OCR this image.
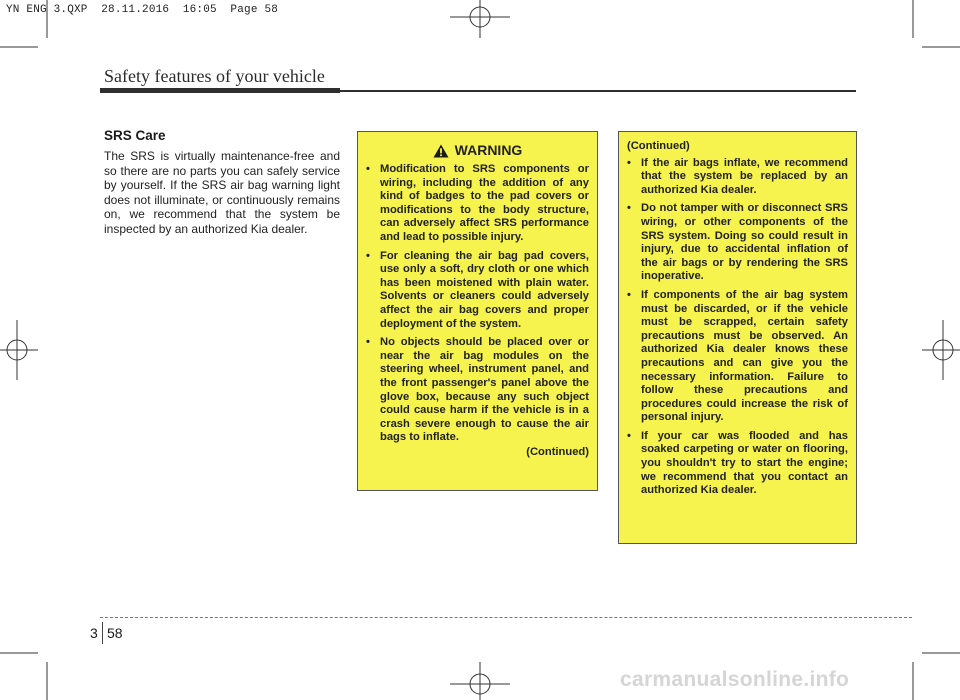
YN ENG 3.QXP  28.11.2016  16:05  Page 58
Safety features of your vehicle
SRS Care
The SRS is virtually maintenance-free and so there are no parts you can safely service by yourself. If the SRS air bag warning light does not illuminate, or continuously remains on, we recommend that the system be inspected by an authorized Kia dealer.
WARNING
• Modification to SRS components or wiring, including the addition of any kind of badges to the pad covers or modifications to the body structure, can adversely affect SRS performance and lead to possible injury.
• For cleaning the air bag pad covers, use only a soft, dry cloth or one which has been moistened with plain water. Solvents or cleaners could adversely affect the air bag covers and proper deployment of the system.
• No objects should be placed over or near the air bag modules on the steering wheel, instrument panel, and the front passenger's panel above the glove box, because any such object could cause harm if the vehicle is in a crash severe enough to cause the air bags to inflate.
(Continued)
(Continued)
• If the air bags inflate, we recommend that the system be replaced by an authorized Kia dealer.
• Do not tamper with or disconnect SRS wiring, or other components of the SRS system. Doing so could result in injury, due to accidental inflation of the air bags or by rendering the SRS inoperative.
• If components of the air bag system must be discarded, or if the vehicle must be scrapped, certain safety precautions must be observed. An authorized Kia dealer knows these precautions and can give you the necessary information. Failure to follow these precautions and procedures could increase the risk of personal injury.
• If your car was flooded and has soaked carpeting or water on flooring, you shouldn't try to start the engine; we recommend that you contact an authorized Kia dealer.
3 58
carmanualsonline.info
